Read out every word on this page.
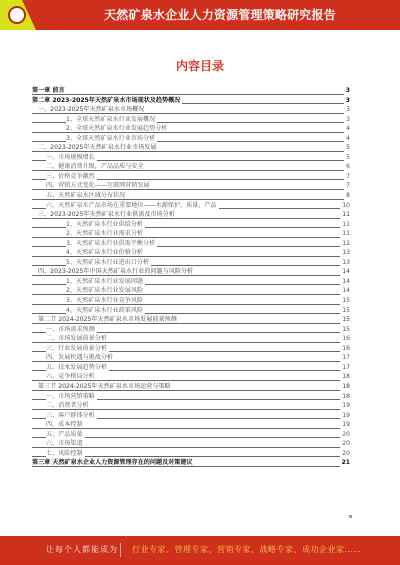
天然矿泉水企业人力资源管理策略研究报告
内容目录
第一章 前言	3
第二章 2023-2025年天然矿泉水市场现状及趋势概况	3
一、2023-2025年天然矿泉水市场概况	3
1、全球天然矿泉水行业发展概况	3
2、全球天然矿泉水行业发展趋势分析	4
3、全球天然矿泉水行业市场分析	4
二、2023-2025年天然矿泉水行业市场发展	5
一、市场规模增长	5
二、健康消费升级，产品品质与安全	6
三、价格竞争激烈	7
四、营销方式变化——互联网营销发展	7
五、天然矿泉水区域分布状况	8
六、天然矿泉水产品市场在重要地位——水源保护、质量、产品	10
三、2023-2025年天然矿泉水行业供需及市场分析	11
1、天然矿泉水行业供给分析	11
2、天然矿泉水行业需求分析	11
3、天然矿泉水行业供需平衡分析	12
4、天然矿泉水行业价格分析	13
5、天然矿泉水行业进出口分析	13
四、2023-2025年中国天然矿泉水行业的问题与风险分析	14
1、天然矿泉水行业发展问题	14
2、天然矿泉水行业发展风险	14
3、天然矿泉水行业竞争风险	15
4、天然矿泉水行业政策风险	15
第二节 2024-2025年天然矿泉水市场发展前景预测	15
一、市场需求预测	15
二、市场发展前景分析	16
三、行业发展前景分析	16
四、发展机遇与挑战分析	17
五、技术发展趋势分析	17
六、竞争格局分析	18
第三节 2024-2025年天然矿泉水市场运营与策略	18
一、市场营销策略	18
二、消费者分析	19
三、客户群体分析	19
四、成本控制	19
五、产品质量	20
六、市场渠道	20
七、风险控制	20
第三章 天然矿泉水企业人力资源管理存在的问题及对策建议	21
让每个人都能成为 行业专家、管理专家、营销专家、战略专家、成功企业家……
